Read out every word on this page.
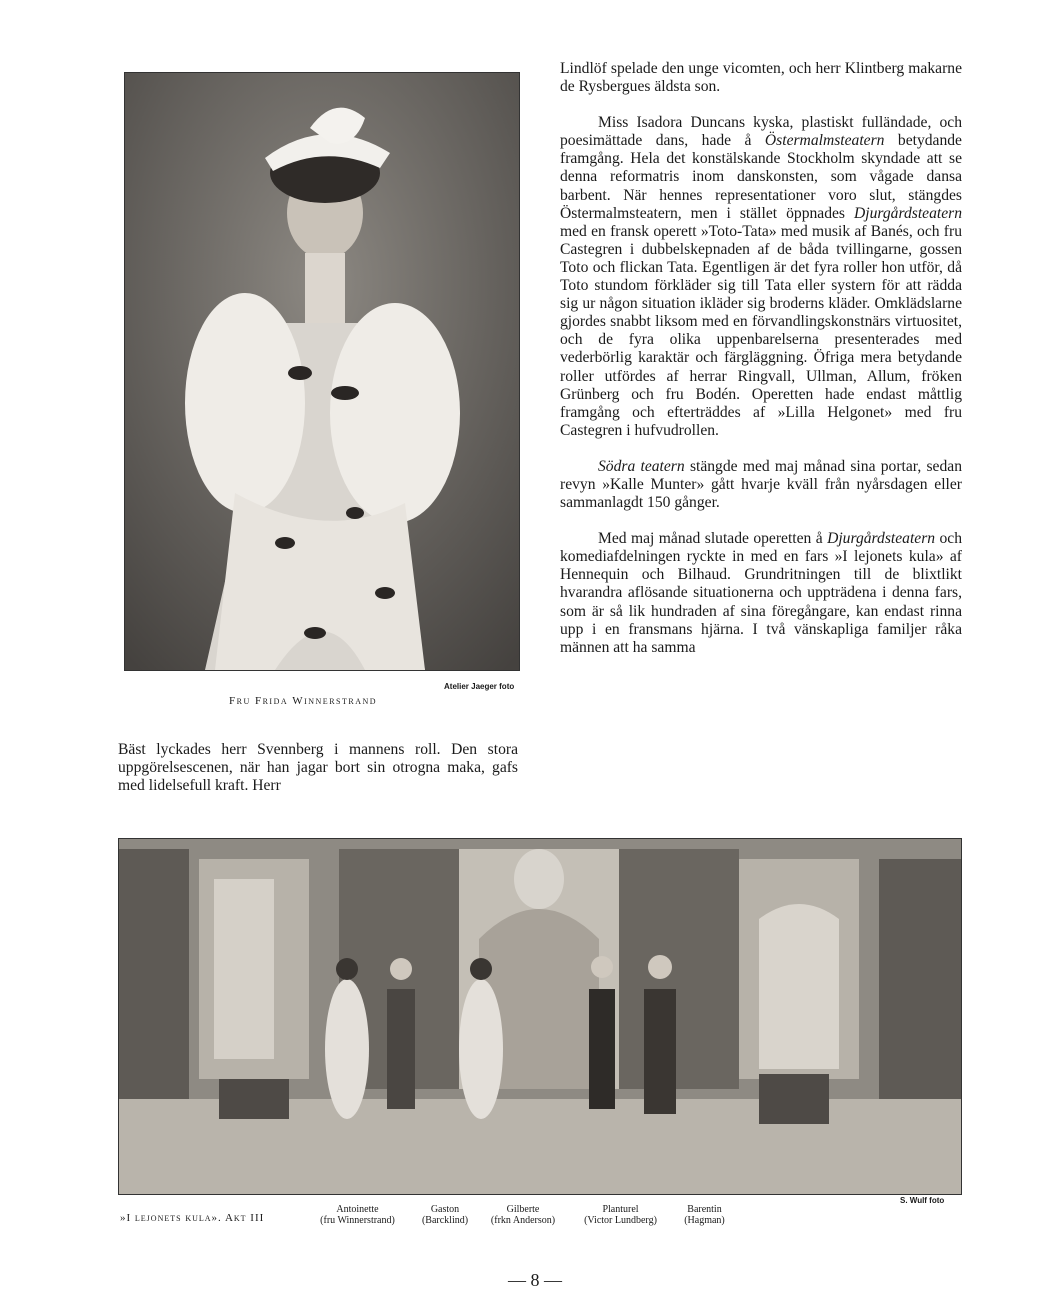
Fru Frida Winnerstrand
Atelier Jaeger foto

Lindlöf spelade den unge vicomten, och herr Klintberg makarne de Rysbergues äldsta son.

Miss Isadora Duncans kyska, plastiskt fulländade, och poesimättade dans, hade å Östermalmsteatern betydande framgång. Hela det konstälskande Stockholm skyndade att se denna reformatris inom danskonsten, som vågade dansa barbent. När hennes representationer voro slut, stängdes Östermalmsteatern, men i stället öppnades Djurgårdsteatern med en fransk operett »Toto-Tata» med musik af Banés, och fru Castegren i dubbelskepnaden af de båda tvillingarne, gossen Toto och flickan Tata. Egentligen är det fyra roller hon utför, då Toto stundom förkläder sig till Tata eller systern för att rädda sig ur någon situation ikläder sig broderns kläder. Omklädslarne gjordes snabbt liksom med en förvandlingskonstnärs virtuositet, och de fyra olika uppenbarelserna presenterades med vederbörlig karaktär och färgläggning. Öfriga mera betydande roller utfördes af herrar Ringvall, Ullman, Allum, fröken Grünberg och fru Bodén. Operetten hade endast måttlig framgång och efterträddes af »Lilla Helgonet» med fru Castegren i hufvudrollen.

Södra teatern stängde med maj månad sina portar, sedan revyn »Kalle Munter» gått hvarje kväll från nyårsdagen eller sammanlagdt 150 gånger.

Med maj månad slutade operetten å Djurgårdsteatern och komediafdelningen ryckte in med en fars »I lejonets kula» af Hennequin och Bilhaud. Grundritningen till de blixtlikt hvarandra aflösande situationerna och uppträdena i denna fars, som är så lik hundraden af sina föregångare, kan endast rinna upp i en fransmans hjärna. I två vänskapliga familjer råka männen att ha samma

Bäst lyckades herr Svennberg i mannens roll. Den stora uppgörelsescenen, när han jagar bort sin otrogna maka, gafs med lidelsefull kraft. Herr
S. Wulf foto
»I lejonets kula». Akt III
Antoinette
(fru Winnerstrand)
Gaston
(Barcklind)
Gilberte
(frkn Anderson)
Planturel
(Victor Lundberg)
Barentin
(Hagman)
— 8 —
